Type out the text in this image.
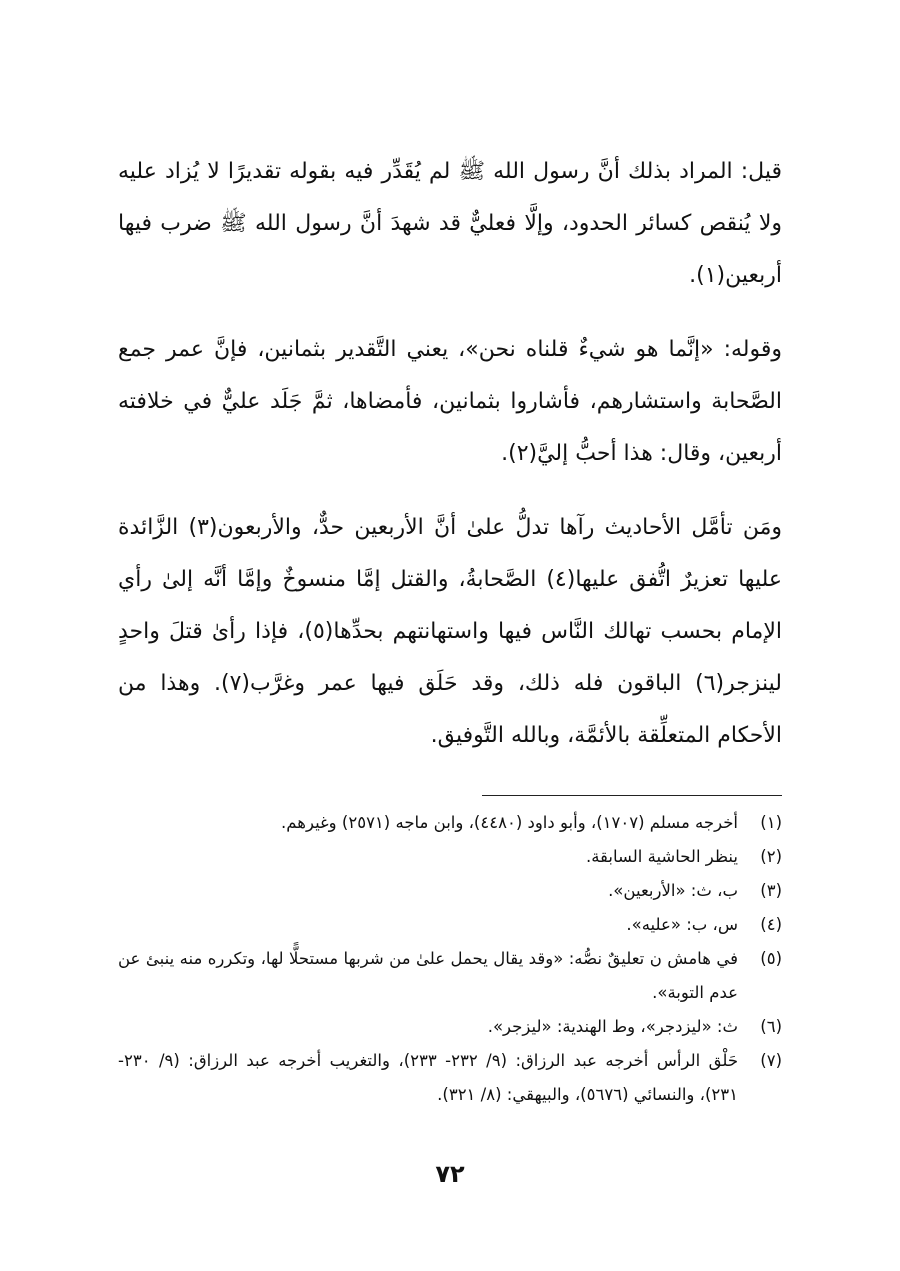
قيل: المراد بذلك أنَّ رسول الله ﷺ لم يُقَدِّر فيه بقوله تقديرًا لا يُزاد عليه ولا يُنقص كسائر الحدود، وإلَّا فعليٌّ قد شهدَ أنَّ رسول الله ﷺ ضرب فيها أربعين(١).

وقوله: «إنَّما هو شيءٌ قلناه نحن»، يعني التَّقدير بثمانين، فإنَّ عمر جمع الصَّحابة واستشارهم، فأشاروا بثمانين، فأمضاها، ثمَّ جَلَد عليٌّ في خلافته أربعين، وقال: هذا أحبُّ إليَّ(٢).

ومَن تأمَّل الأحاديث رآها تدلُّ علىٰ أنَّ الأربعين حدٌّ، والأربعون(٣) الزَّائدة عليها تعزيرٌ اتُّفق عليها(٤) الصَّحابةُ، والقتل إمَّا منسوخٌ وإمَّا أنَّه إلىٰ رأي الإمام بحسب تهالك النَّاس فيها واستهانتهم بحدِّها(٥)، فإذا رأىٰ قتلَ واحدٍ لينزجر(٦) الباقون فله ذلك، وقد حَلَق فيها عمر وغرَّب(٧). وهذا من الأحكام المتعلِّقة بالأئمَّة، وبالله التَّوفيق.

(١)
أخرجه مسلم (١٧٠٧)، وأبو داود (٤٤٨٠)، وابن ماجه (٢٥٧١) وغيرهم.
(٢)
ينظر الحاشية السابقة.
(٣)
ب، ث: «الأربعين».
(٤)
س، ب: «عليه».
(٥)
في هامش ن تعليقٌ نصُّه: «وقد يقال يحمل علىٰ من شربها مستحلًّا لها، وتكرره منه ينبئ عن عدم التوبة».
(٦)
ث: «ليزدجر»، وط الهندية: «ليزجر».
(٧)
حَلْق الرأس أخرجه عبد الرزاق: (٩/ ٢٣٢- ٢٣٣)، والتغريب أخرجه عبد الرزاق: (٩/ ٢٣٠- ٢٣١)، والنسائي (٥٦٧٦)، والبيهقي: (٨/ ٣٢١).
٧٢
